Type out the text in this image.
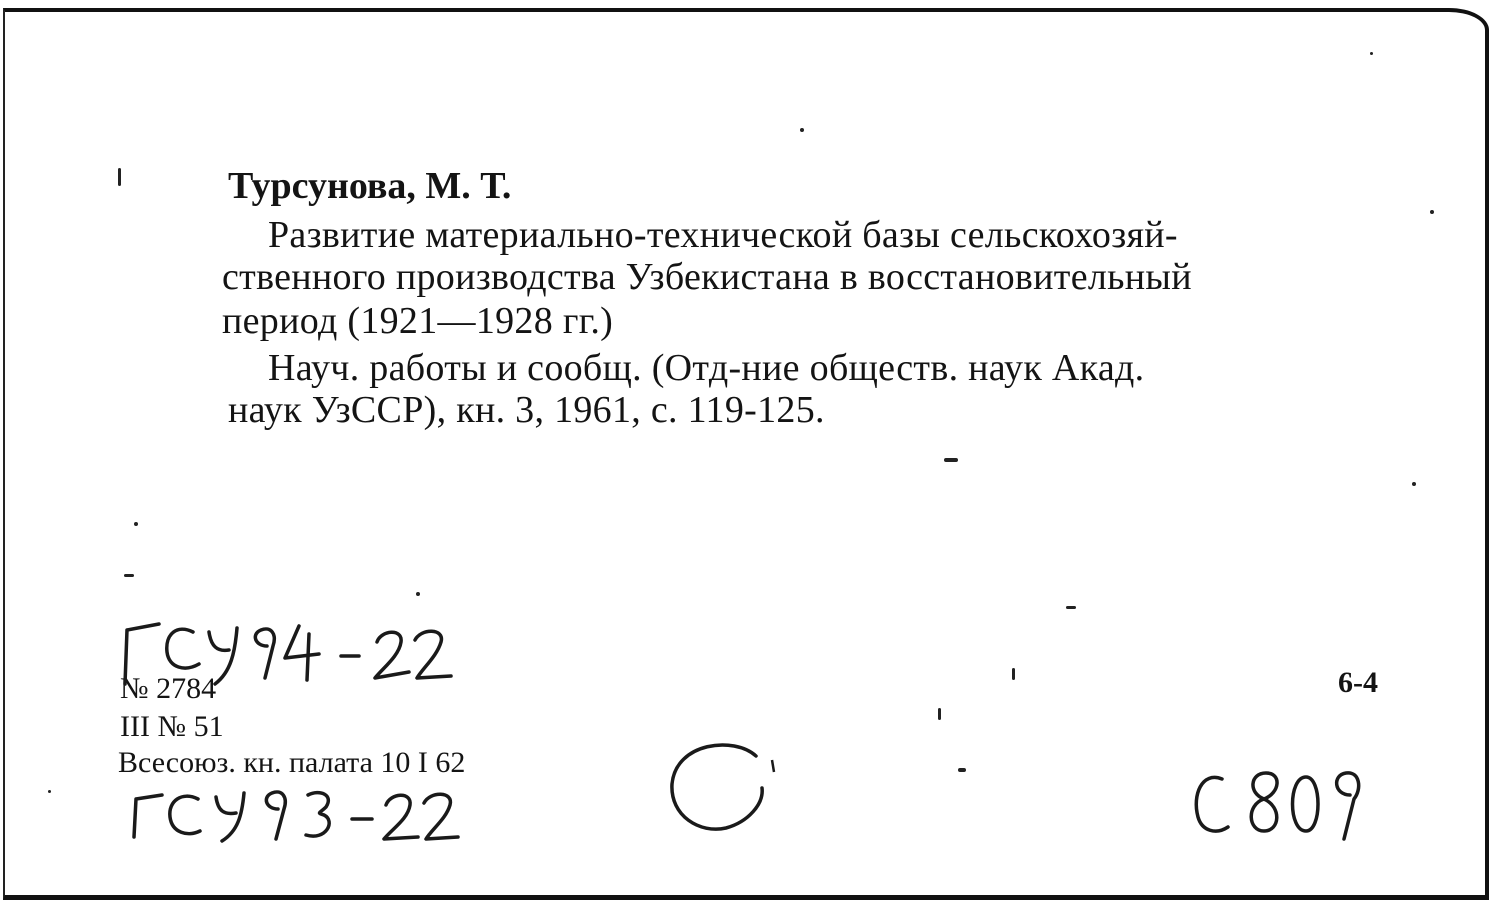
Турсунова, М. Т.
Развитие материально-технической базы сельскохозяй-
ственного производства Узбекистана в восстановительный
период (1921—1928 гг.)
Науч. работы и сообщ. (Отд-ние обществ. наук Акад.
наук УзССР), кн. 3, 1961, с. 119-125.
№ 2784
III № 51
Всесоюз. кн. палата 10 I 62
6-4
